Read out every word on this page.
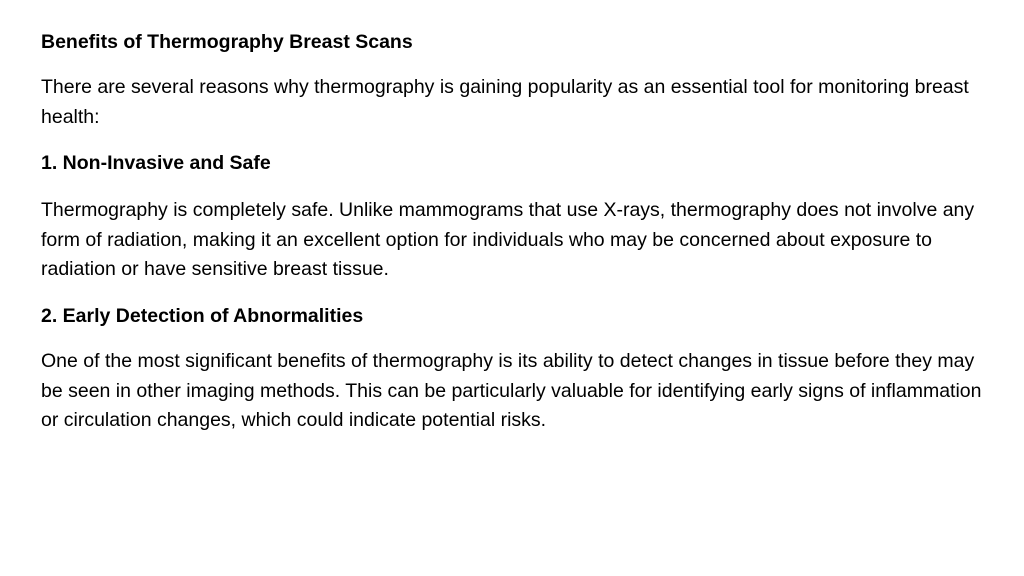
Benefits of Thermography Breast Scans

There are several reasons why thermography is gaining popularity as an essential tool for monitoring breast health:

1. Non-Invasive and Safe

Thermography is completely safe. Unlike mammograms that use X-rays, thermography does not involve any form of radiation, making it an excellent option for individuals who may be concerned about exposure to radiation or have sensitive breast tissue.

2. Early Detection of Abnormalities

One of the most significant benefits of thermography is its ability to detect changes in tissue before they may be seen in other imaging methods. This can be particularly valuable for identifying early signs of inflammation or circulation changes, which could indicate potential risks.
